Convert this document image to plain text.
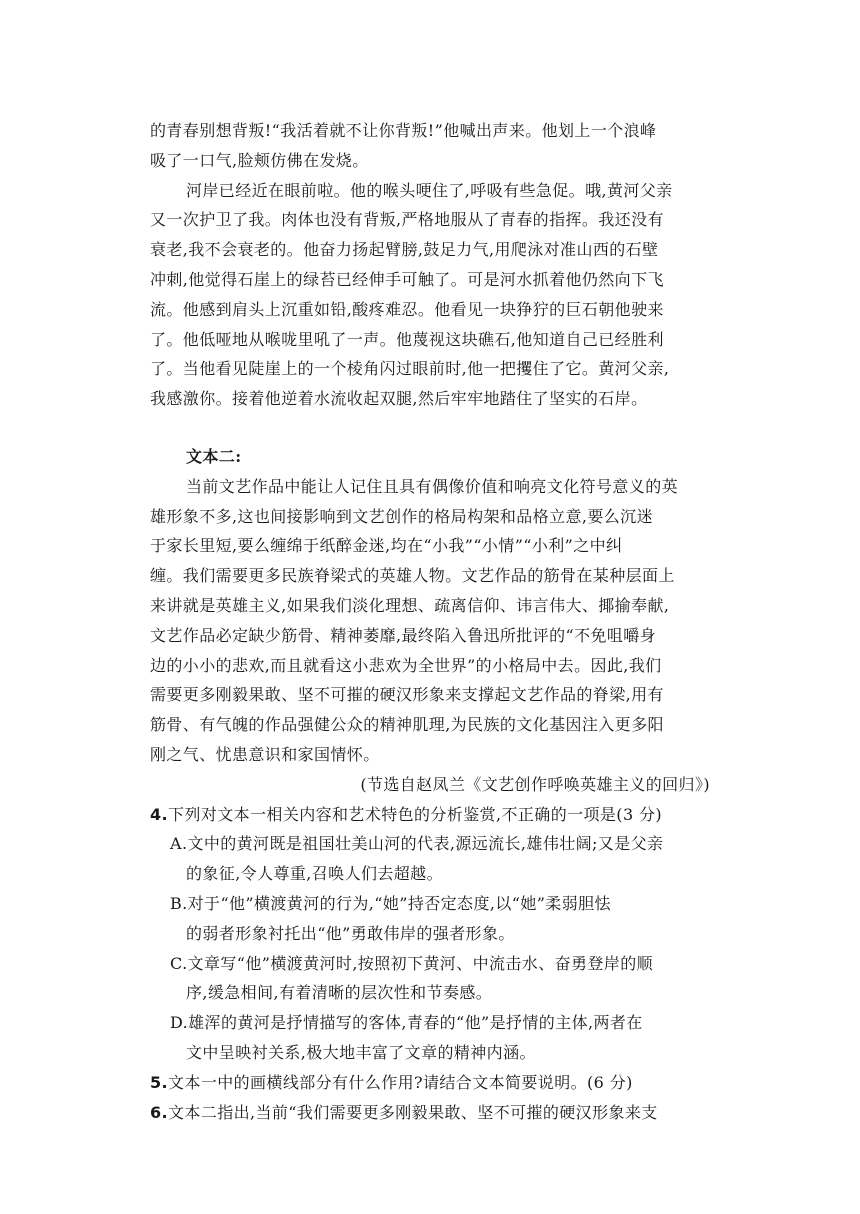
的青春别想背叛!“我活着就不让你背叛!”他喊出声来。他划上一个浪峰
吸了一口气,脸颊仿佛在发烧。
河岸已经近在眼前啦。他的喉头哽住了,呼吸有些急促。哦,黄河父亲
又一次护卫了我。肉体也没有背叛,严格地服从了青春的指挥。我还没有
衰老,我不会衰老的。他奋力扬起臂膀,鼓足力气,用爬泳对准山西的石壁
冲刺,他觉得石崖上的绿苔已经伸手可触了。可是河水抓着他仍然向下飞
流。他感到肩头上沉重如铅,酸疼难忍。他看见一块狰狞的巨石朝他驶来
了。他低哑地从喉咙里吼了一声。他蔑视这块礁石,他知道自己已经胜利
了。当他看见陡崖上的一个棱角闪过眼前时,他一把攫住了它。黄河父亲,
我感激你。接着他逆着水流收起双腿,然后牢牢地踏住了坚实的石岸。
文本二:
当前文艺作品中能让人记住且具有偶像价值和响亮文化符号意义的英
雄形象不多,这也间接影响到文艺创作的格局构架和品格立意,要么沉迷
于家长里短,要么缠绵于纸醉金迷,均在“小我”“小情”“小利”之中纠
缠。我们需要更多民族脊梁式的英雄人物。文艺作品的筋骨在某种层面上
来讲就是英雄主义,如果我们淡化理想、疏离信仰、讳言伟大、揶揄奉献,
文艺作品必定缺少筋骨、精神萎靡,最终陷入鲁迅所批评的“不免咀嚼身
边的小小的悲欢,而且就看这小悲欢为全世界”的小格局中去。因此,我们
需要更多刚毅果敢、坚不可摧的硬汉形象来支撑起文艺作品的脊梁,用有
筋骨、有气魄的作品强健公众的精神肌理,为民族的文化基因注入更多阳
刚之气、忧患意识和家国情怀。
(节选自赵凤兰《文艺创作呼唤英雄主义的回归》)
4.下列对文本一相关内容和艺术特色的分析鉴赏,不正确的一项是(3 分)
A.文中的黄河既是祖国壮美山河的代表,源远流长,雄伟壮阔;又是父亲
的象征,令人尊重,召唤人们去超越。
B.对于“他”横渡黄河的行为,“她”持否定态度,以“她”柔弱胆怯
的弱者形象衬托出“他”勇敢伟岸的强者形象。
C.文章写“他”横渡黄河时,按照初下黄河、中流击水、奋勇登岸的顺
序,缓急相间,有着清晰的层次性和节奏感。
D.雄浑的黄河是抒情描写的客体,青春的“他”是抒情的主体,两者在
文中呈映衬关系,极大地丰富了文章的精神内涵。
5.文本一中的画横线部分有什么作用?请结合文本简要说明。(6 分)
6.文本二指出,当前“我们需要更多刚毅果敢、坚不可摧的硬汉形象来支
